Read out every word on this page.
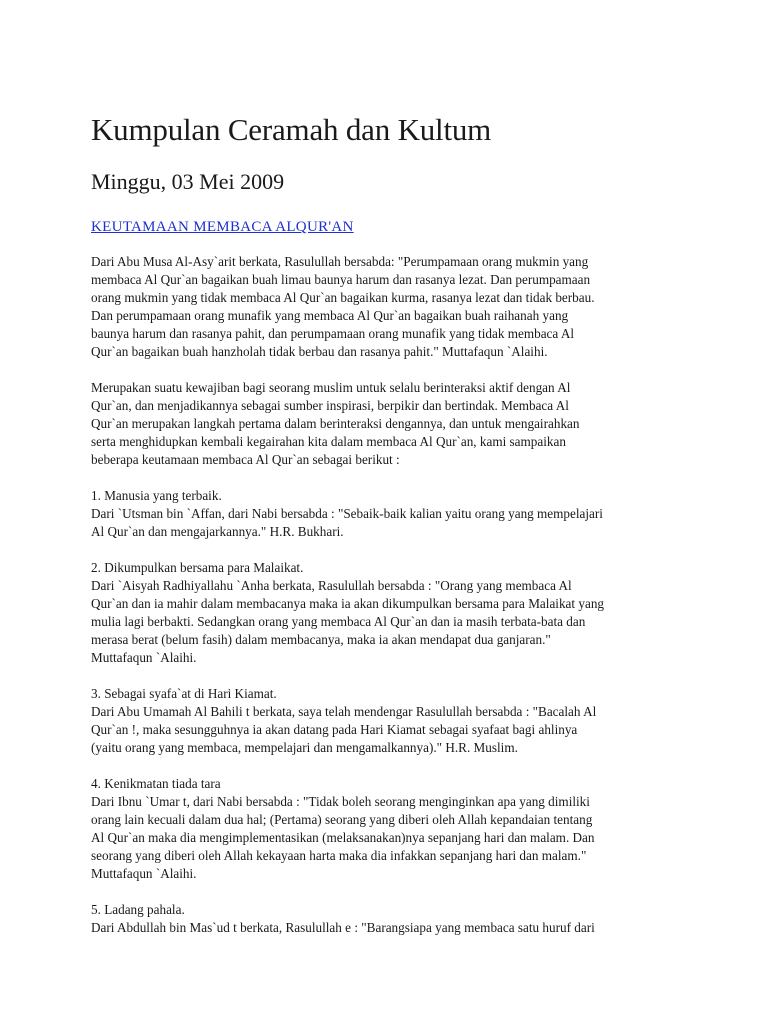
Kumpulan Ceramah dan Kultum
Minggu, 03 Mei 2009
KEUTAMAAN MEMBACA ALQUR'AN

Dari Abu Musa Al-Asy`arit berkata, Rasulullah bersabda: "Perumpamaan orang mukmin yang
membaca Al Qur`an bagaikan buah limau baunya harum dan rasanya lezat. Dan perumpamaan
orang mukmin yang tidak membaca Al Qur`an bagaikan kurma, rasanya lezat dan tidak berbau.
Dan perumpamaan orang munafik yang membaca Al Qur`an bagaikan buah raihanah yang
baunya harum dan rasanya pahit, dan perumpamaan orang munafik yang tidak membaca Al
Qur`an bagaikan buah hanzholah tidak berbau dan rasanya pahit." Muttafaqun `Alaihi.

Merupakan suatu kewajiban bagi seorang muslim untuk selalu berinteraksi aktif dengan Al
Qur`an, dan menjadikannya sebagai sumber inspirasi, berpikir dan bertindak. Membaca Al
Qur`an merupakan langkah pertama dalam berinteraksi dengannya, dan untuk mengairahkan
serta menghidupkan kembali kegairahan kita dalam membaca Al Qur`an, kami sampaikan
beberapa keutamaan membaca Al Qur`an sebagai berikut :

1. Manusia yang terbaik.
Dari `Utsman bin `Affan, dari Nabi bersabda : "Sebaik-baik kalian yaitu orang yang mempelajari
Al Qur`an dan mengajarkannya." H.R. Bukhari.

2. Dikumpulkan bersama para Malaikat.
Dari `Aisyah Radhiyallahu `Anha berkata, Rasulullah bersabda : "Orang yang membaca Al
Qur`an dan ia mahir dalam membacanya maka ia akan dikumpulkan bersama para Malaikat yang
mulia lagi berbakti. Sedangkan orang yang membaca Al Qur`an dan ia masih terbata-bata dan
merasa berat (belum fasih) dalam membacanya, maka ia akan mendapat dua ganjaran."
Muttafaqun `Alaihi.

3. Sebagai syafa`at di Hari Kiamat.
Dari Abu Umamah Al Bahili t berkata, saya telah mendengar Rasulullah bersabda : "Bacalah Al
Qur`an !, maka sesungguhnya ia akan datang pada Hari Kiamat sebagai syafaat bagi ahlinya
(yaitu orang yang membaca, mempelajari dan mengamalkannya)." H.R. Muslim.

4. Kenikmatan tiada tara
Dari Ibnu `Umar t, dari Nabi bersabda : "Tidak boleh seorang menginginkan apa yang dimiliki
orang lain kecuali dalam dua hal; (Pertama) seorang yang diberi oleh Allah kepandaian tentang
Al Qur`an maka dia mengimplementasikan (melaksanakan)nya sepanjang hari dan malam. Dan
seorang yang diberi oleh Allah kekayaan harta maka dia infakkan sepanjang hari dan malam."
Muttafaqun `Alaihi.

5. Ladang pahala.
Dari Abdullah bin Mas`ud t berkata, Rasulullah e : "Barangsiapa yang membaca satu huruf dari
